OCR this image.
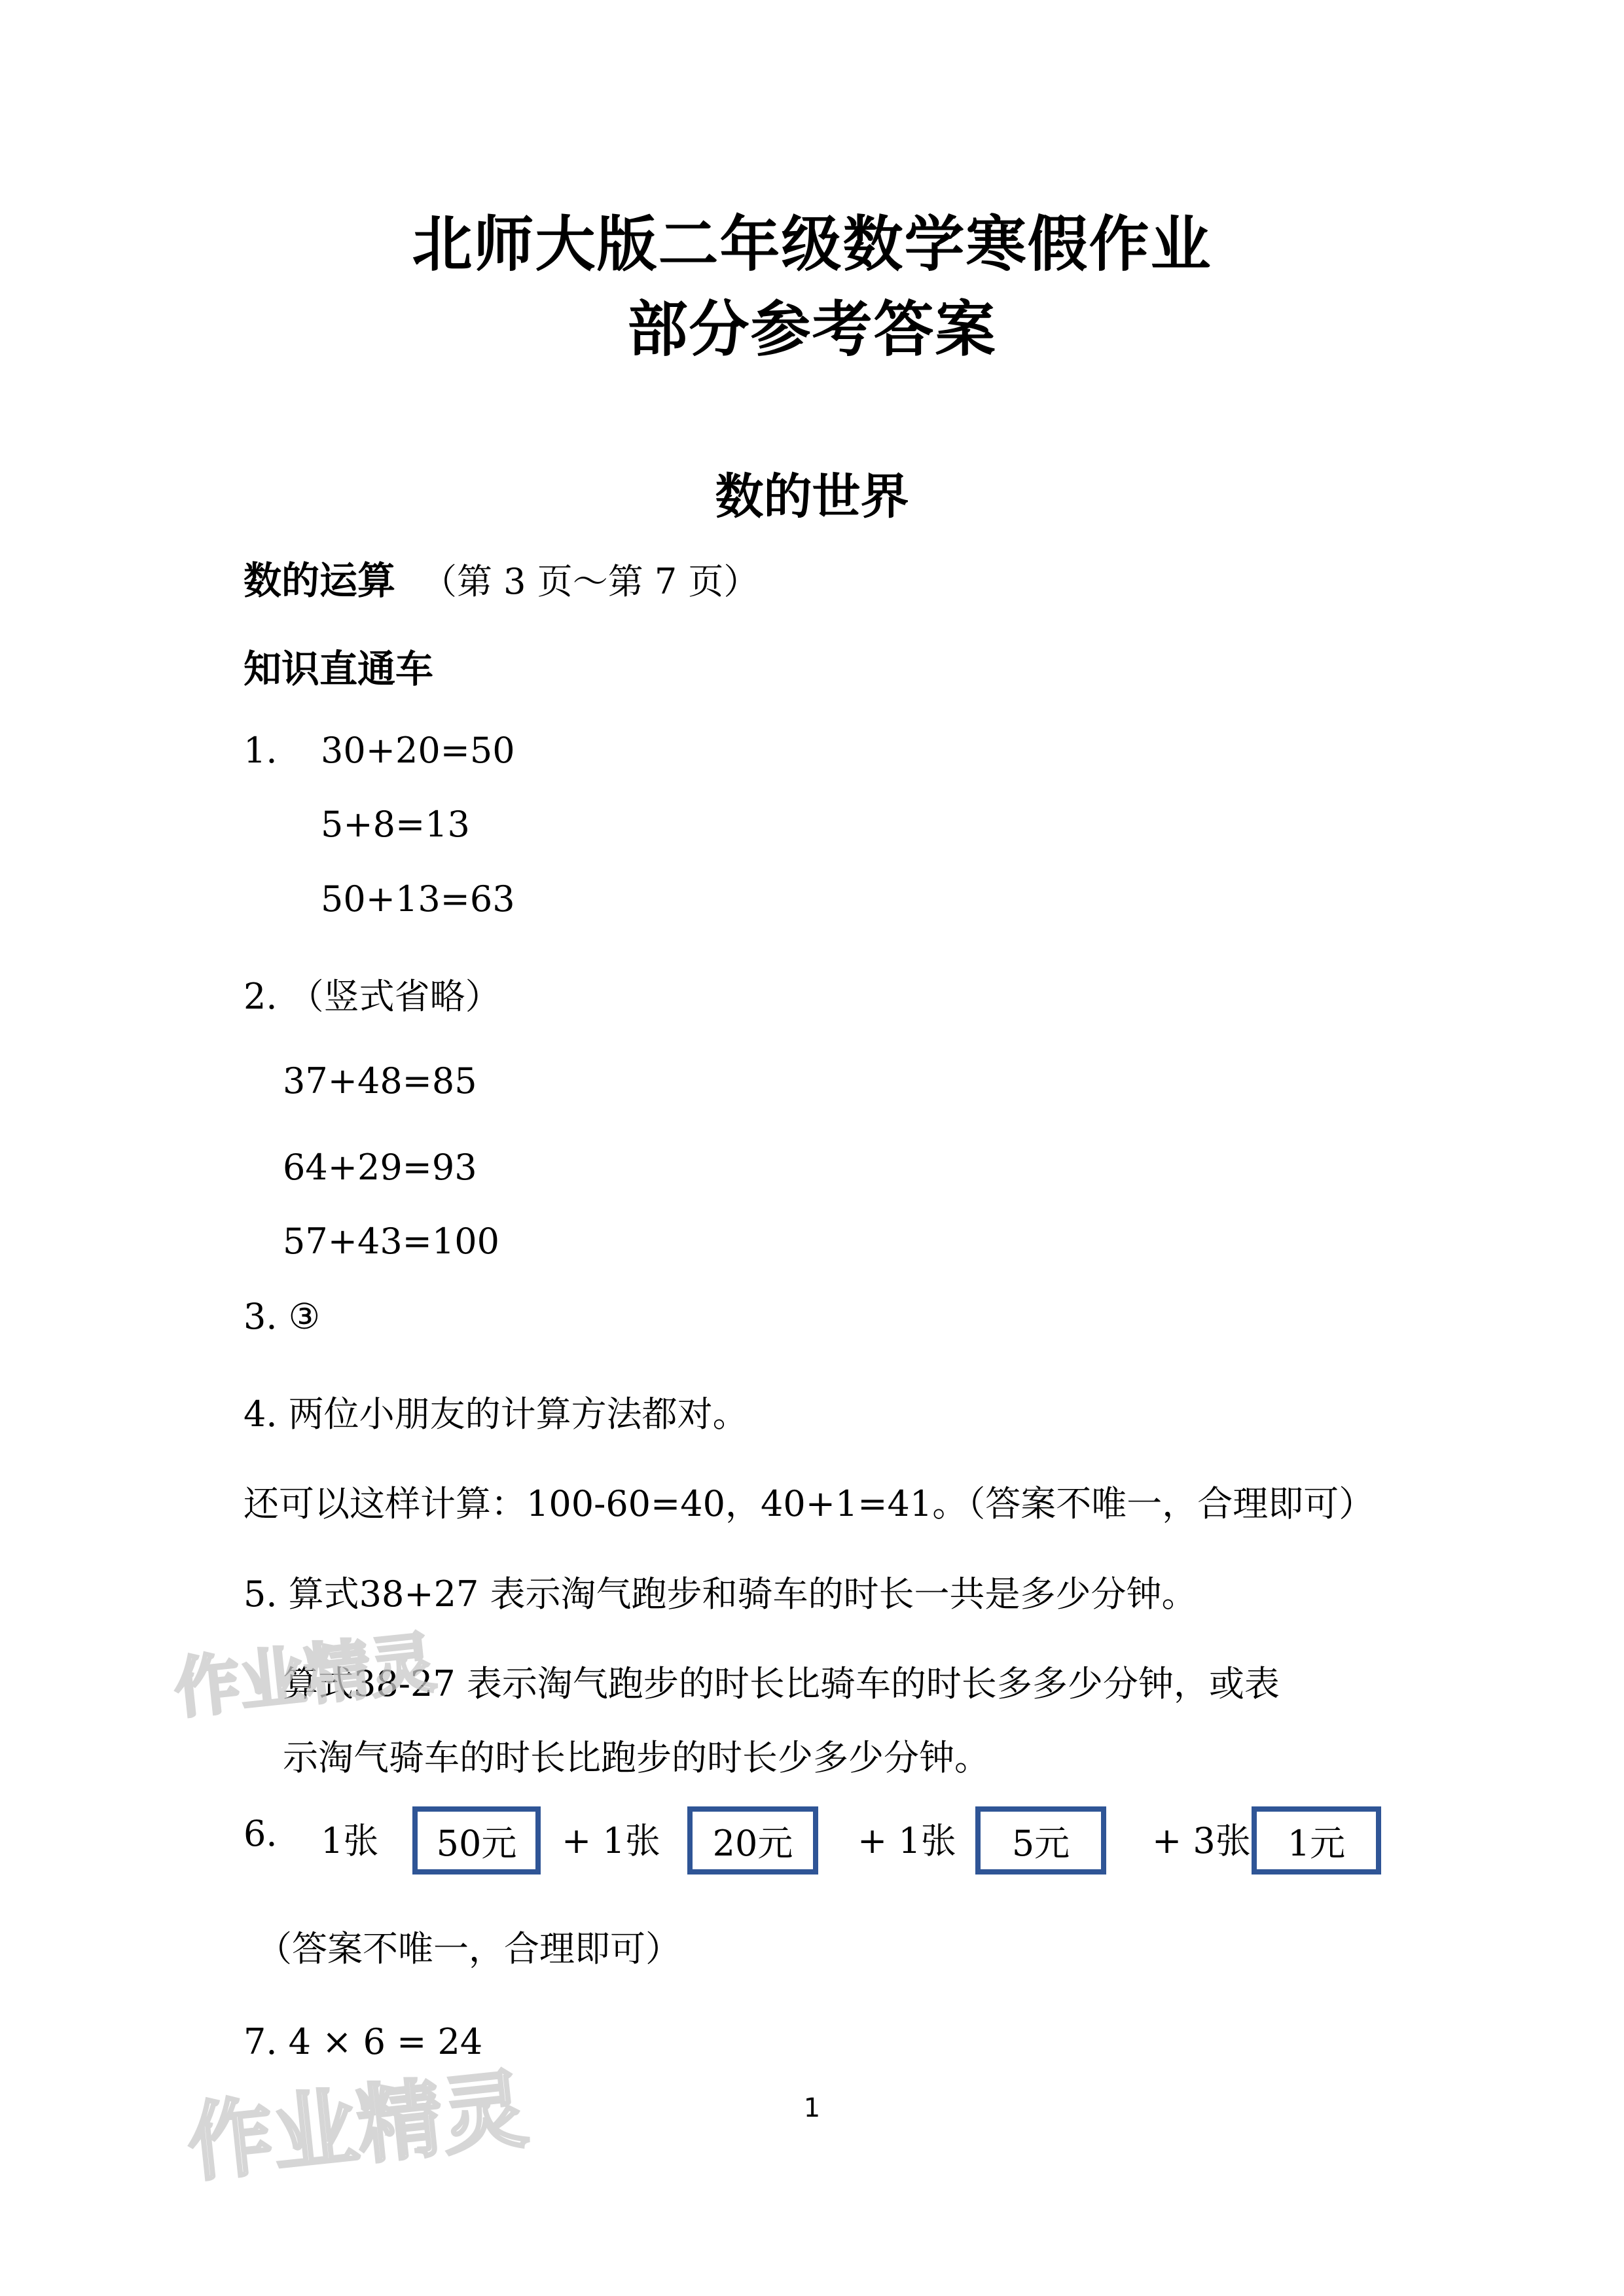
北师大版二年级数学寒假作业
部分参考答案
数的世界
数的运算 （第 3 页～第 7 页）
知识直通车
1. 30+20=50
5+8=13
50+13=63
2. （竖式省略）
37+48=85
64+29=93
57+43=100
3. ③
4. 两位小朋友的计算方法都对。
还可以这样计算：100-60=40，40+1=41。（答案不唯一，合理即可）
5. 算式38+27 表示淘气跑步和骑车的时长一共是多少分钟。
算式38-27 表示淘气跑步的时长比骑车的时长多多少分钟，或表
示淘气骑车的时长比跑步的时长少多少分钟。
6. 1张	50元	+ 1张	20元	+ 1张	5元	+ 3张	1元
（答案不唯一，合理即可）
7. 4 × 6 = 24
作业精灵
作业精灵	1
